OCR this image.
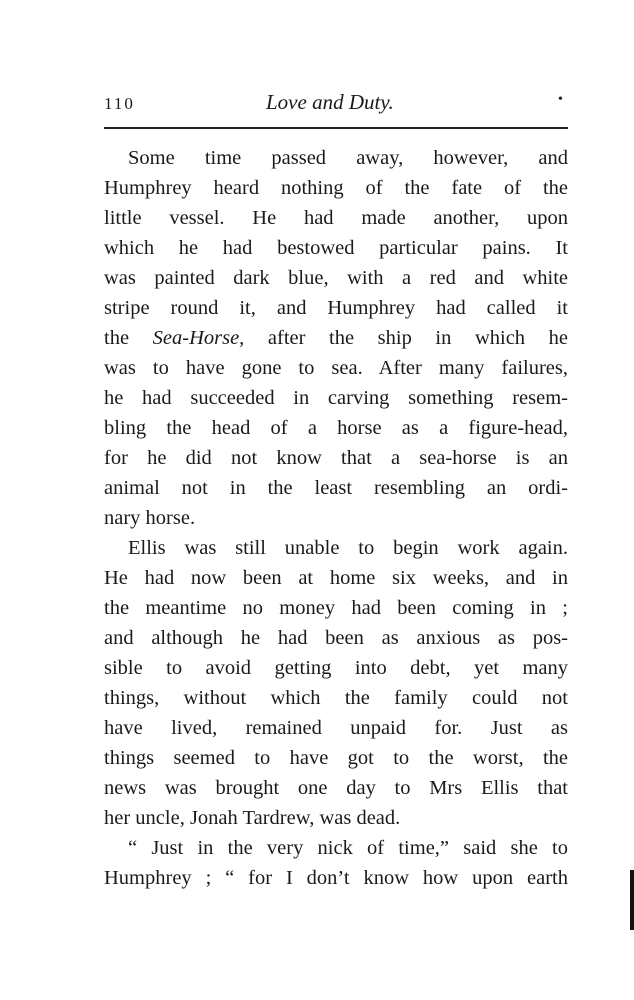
110	Love and Duty.	•
Some time passed away, however, and
Humphrey heard nothing of the fate of the
little vessel. He had made another, upon
which he had bestowed particular pains. It
was painted dark blue, with a red and white
stripe round it, and Humphrey had called it
the Sea-Horse, after the ship in which he
was to have gone to sea. After many failures,
he had succeeded in carving something resem-
bling the head of a horse as a figure-head,
for he did not know that a sea-horse is an
animal not in the least resembling an ordi-
nary horse.
Ellis was still unable to begin work again.
He had now been at home six weeks, and in
the meantime no money had been coming in ;
and although he had been as anxious as pos-
sible to avoid getting into debt, yet many
things, without which the family could not
have lived, remained unpaid for. Just as
things seemed to have got to the worst, the
news was brought one day to Mrs Ellis that
her uncle, Jonah Tardrew, was dead.
“ Just in the very nick of time,” said she to
Humphrey ; “ for I don’t know how upon earth
